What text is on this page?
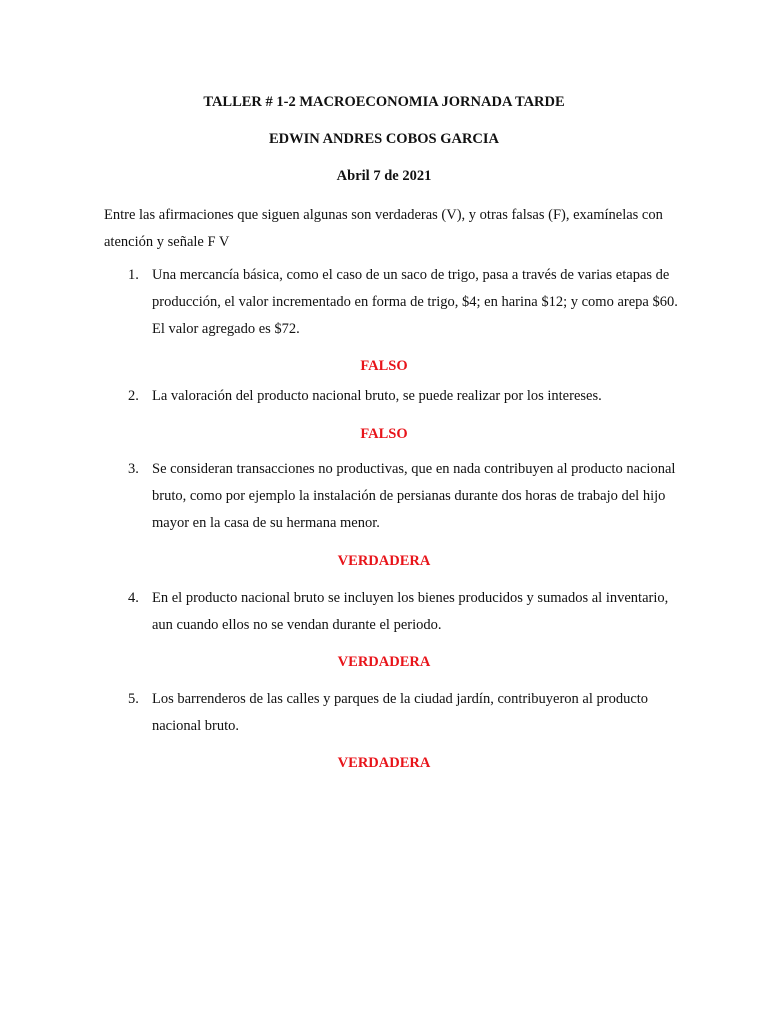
TALLER # 1-2 MACROECONOMIA JORNADA TARDE
EDWIN ANDRES COBOS GARCIA
Abril 7 de 2021
Entre las afirmaciones que siguen algunas son verdaderas (V), y otras falsas (F), examínelas con atención y señale F V
1. Una mercancía básica, como el caso de un saco de trigo, pasa a través de varias etapas de producción, el valor incrementado en forma de trigo, $4; en harina $12; y como arepa $60. El valor agregado es $72.
FALSO
2. La valoración del producto nacional bruto, se puede realizar por los intereses.
FALSO
3. Se consideran transacciones no productivas, que en nada contribuyen al producto nacional bruto, como por ejemplo la instalación de persianas durante dos horas de trabajo del hijo mayor en la casa de su hermana menor.
VERDADERA
4. En el producto nacional bruto se incluyen los bienes producidos y sumados al inventario, aun cuando ellos no se vendan durante el periodo.
VERDADERA
5. Los barrenderos de las calles y parques de la ciudad jardín, contribuyeron al producto nacional bruto.
VERDADERA
